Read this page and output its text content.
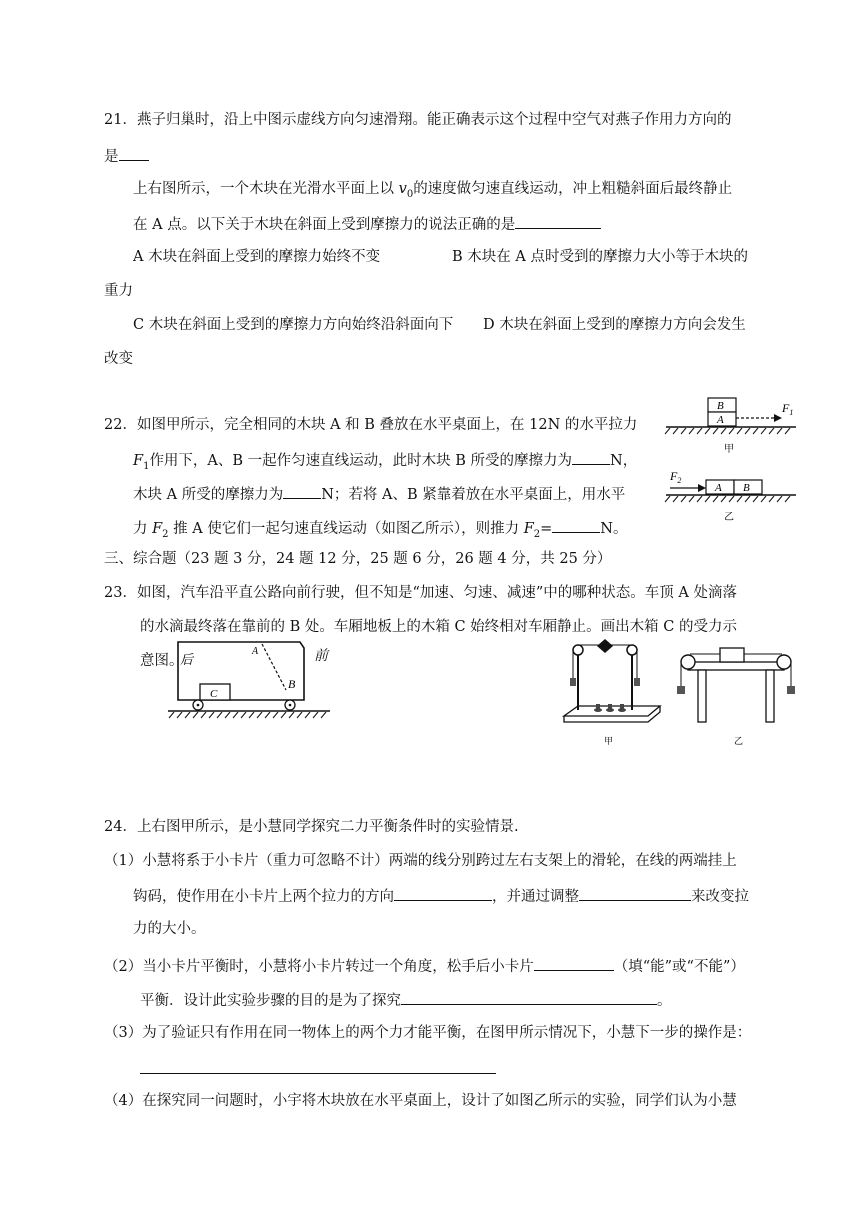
21．燕子归巢时，沿上中图示虚线方向匀速滑翔。能正确表示这个过程中空气对燕子作用力方向的
是
上右图所示，一个木块在光滑水平面上以 $v_0$的速度做匀速直线运动，冲上粗糙斜面后最终静止
在 A 点。以下关于木块在斜面上受到摩擦力的说法正确的是
A 木块在斜面上受到的摩擦力始终不变	B 木块在 A 点时受到的摩擦力大小等于木块的
重力
C 木块在斜面上受到的摩擦力方向始终沿斜面向下 D 木块在斜面上受到的摩擦力方向会发生
改变
22．如图甲所示，完全相同的木块 A 和 B 叠放在水平桌面上，在 12N 的水平拉力
$F_1$作用下，A、B 一起作匀速直线运动，此时木块 B 所受的摩擦力为	N，
木块 A 所受的摩擦力为	N；若将 A、B 紧靠着放在水平桌面上，用水平
力 $F_2$ 推 A 使它们一起匀速直线运动（如图乙所示），则推力 $F_2=$	N。
B
A
$F_1$
甲
$F_2$
A B
乙
三、综合题（23 题 3 分，24 题 12 分，25 题 6 分，26 题 4 分，共 25 分）
23．如图，汽车沿平直公路向前行驶，但不知是“加速、匀速、减速”中的哪种状态。车顶 A 处滴落
的水滴最终落在靠前的 B 处。车厢地板上的木箱 C 始终相对车厢静止。画出木箱 C 的受力示
意图。
后
A
B
C
前
甲	乙
24．上右图甲所示，是小慧同学探究二力平衡条件时的实验情景.
（1）小慧将系于小卡片（重力可忽略不计）两端的线分别跨过左右支架上的滑轮，在线的两端挂上
钩码，使作用在小卡片上两个拉力的方向	，并通过调整	来改变拉
力的大小。
（2）当小卡片平衡时，小慧将小卡片转过一个角度，松手后小卡片	（填“能”或“不能”）
平衡．设计此实验步骤的目的是为了探究	。
（3）为了验证只有作用在同一物体上的两个力才能平衡，在图甲所示情况下，小慧下一步的操作是：
（4）在探究同一问题时，小宇将木块放在水平桌面上，设计了如图乙所示的实验，同学们认为小慧
